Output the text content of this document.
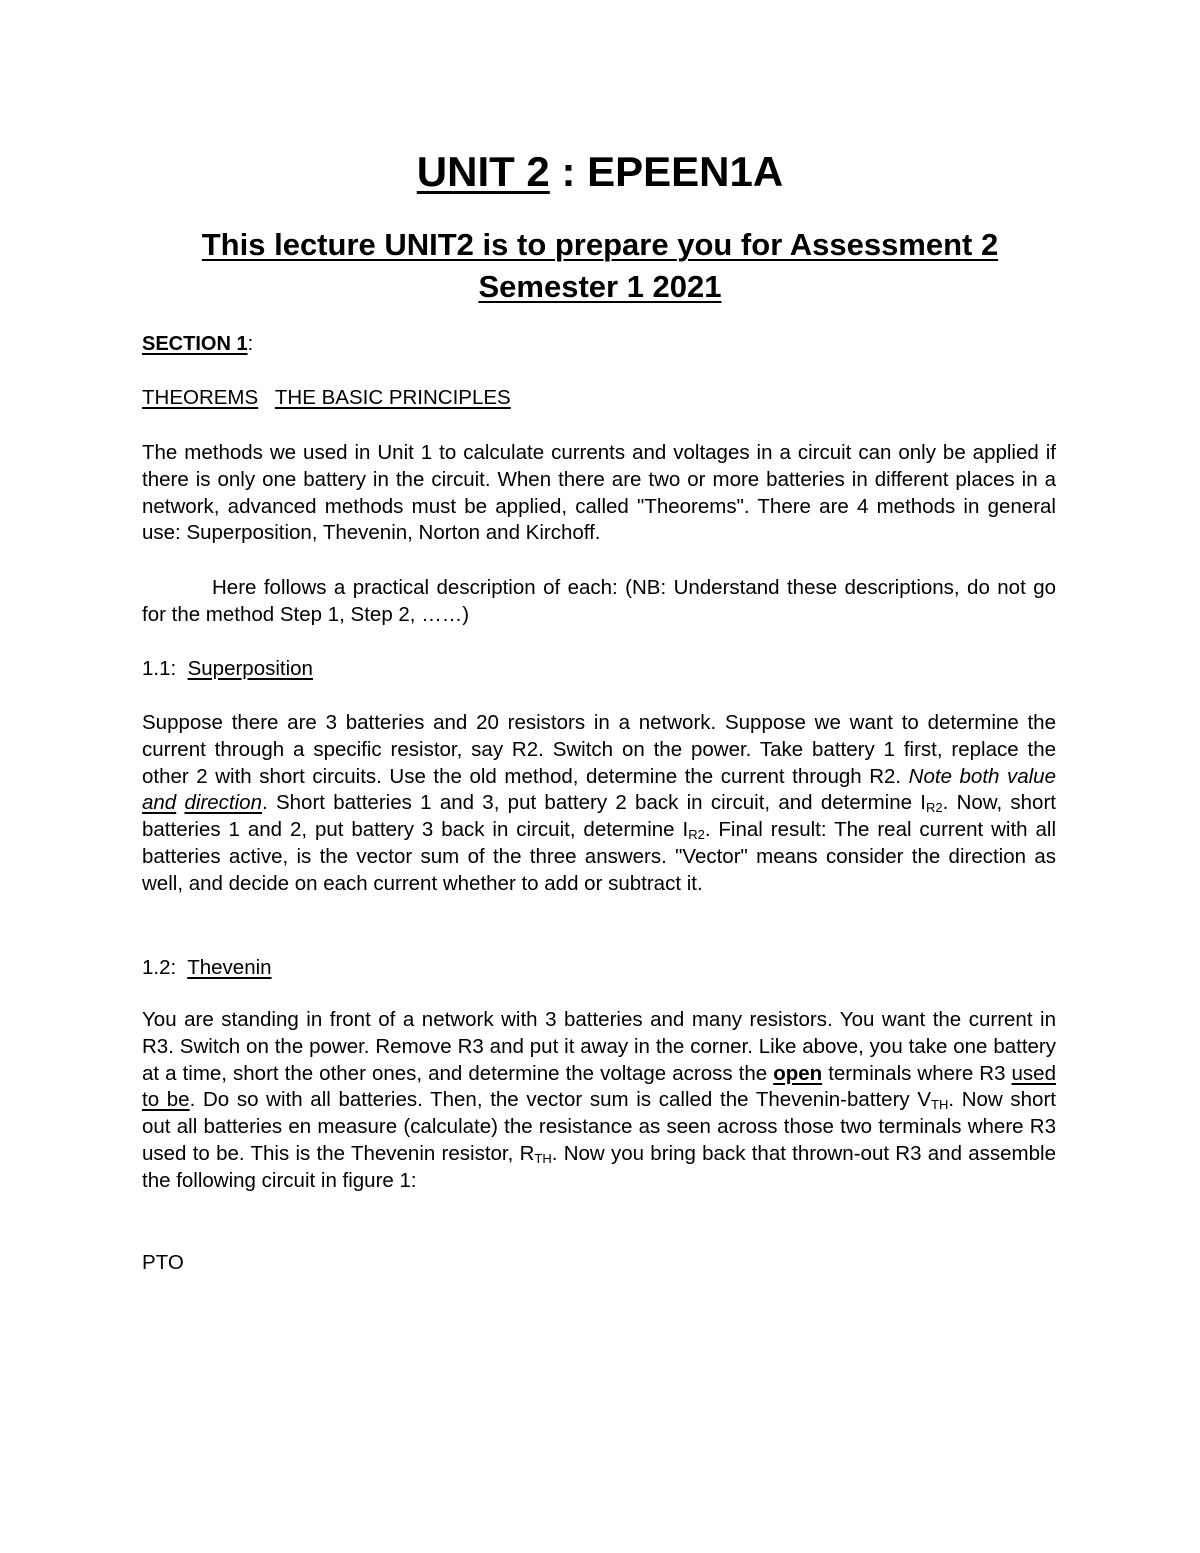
UNIT 2 : EPEEN1A
This lecture UNIT2 is to prepare you for Assessment 2
Semester 1 2021
SECTION 1:
THEOREMS THE BASIC PRINCIPLES
The methods we used in Unit 1 to calculate currents and voltages in a circuit can only be applied if there is only one battery in the circuit. When there are two or more batteries in different places in a network, advanced methods must be applied, called "Theorems". There are 4 methods in general use: Superposition, Thevenin, Norton and Kirchoff.
Here follows a practical description of each: (NB: Understand these descriptions, do not go for the method Step 1, Step 2, ……)
1.1:  Superposition
Suppose there are 3 batteries and 20 resistors in a network. Suppose we want to determine the current through a specific resistor, say R2. Switch on the power. Take battery 1 first, replace the other 2 with short circuits. Use the old method, determine the current through R2. Note both value and direction. Short batteries 1 and 3, put battery 2 back in circuit, and determine $I_{R2}$. Now, short batteries 1 and 2, put battery 3 back in circuit, determine $I_{R2}$. Final result: The real current with all batteries active, is the vector sum of the three answers. "Vector" means consider the direction as well, and decide on each current whether to add or subtract it.
1.2:  Thevenin
You are standing in front of a network with 3 batteries and many resistors. You want the current in R3. Switch on the power. Remove R3 and put it away in the corner. Like above, you take one battery at a time, short the other ones, and determine the voltage across the open terminals where R3 used to be. Do so with all batteries. Then, the vector sum is called the Thevenin-battery $V_{TH}$. Now short out all batteries en measure (calculate) the resistance as seen across those two terminals where R3 used to be. This is the Thevenin resistor, $R_{TH}$. Now you bring back that thrown-out R3 and assemble the following circuit in figure 1:
PTO
